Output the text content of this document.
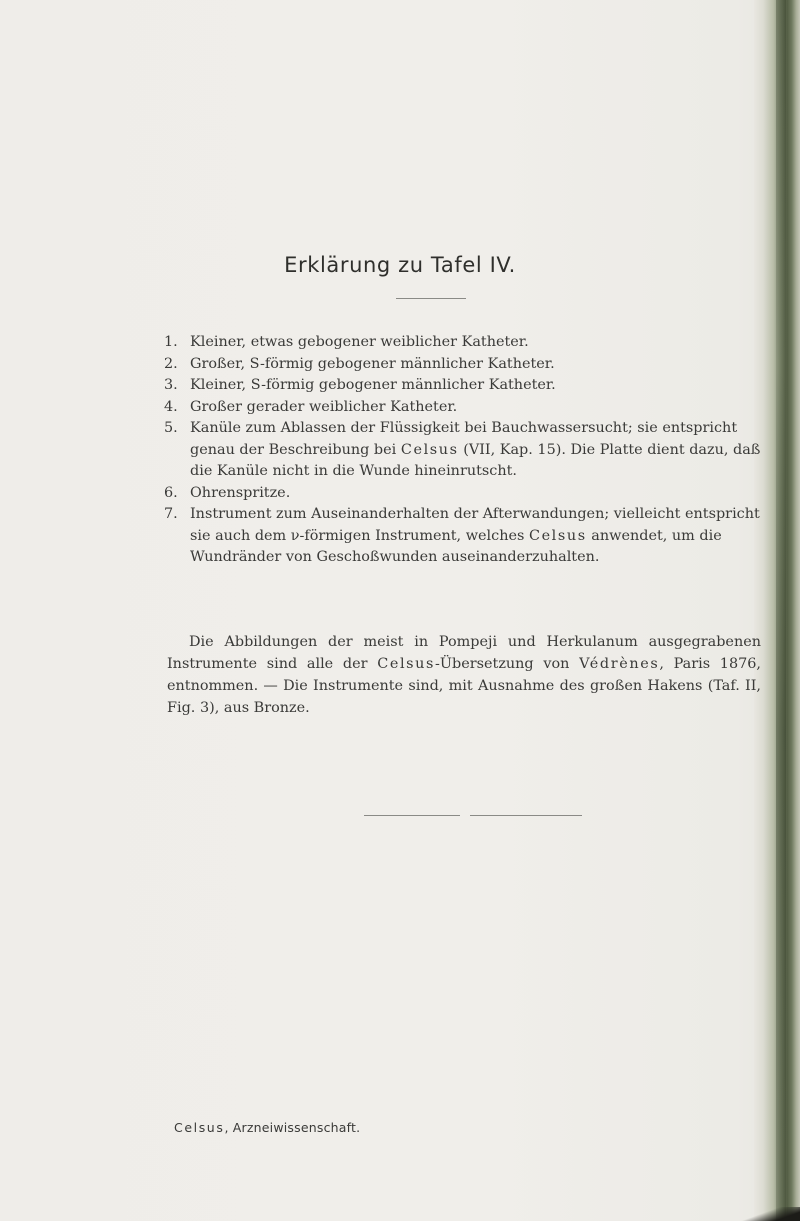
Erklärung zu Tafel IV.
1. Kleiner, etwas gebogener weiblicher Katheter.
2. Großer, S-förmig gebogener männlicher Katheter.
3. Kleiner, S-förmig gebogener männlicher Katheter.
4. Großer gerader weiblicher Katheter.
5. Kanüle zum Ablassen der Flüssigkeit bei Bauchwassersucht; sie entspricht genau der Beschreibung bei Celsus (VII, Kap. 15). Die Platte dient dazu, daß die Kanüle nicht in die Wunde hineinrutscht.
6. Ohrenspritze.
7. Instrument zum Auseinanderhalten der Afterwandungen; vielleicht entspricht sie auch dem ν-förmigen Instrument, welches Celsus anwendet, um die Wundränder von Geschoßwunden auseinanderzuhalten.

Die Abbildungen der meist in Pompeji und Herkulanum ausgegrabenen Instrumente sind alle der Celsus-Übersetzung von Védrènes, Paris 1876, entnommen. — Die Instrumente sind, mit Ausnahme des großen Hakens (Taf. II, Fig. 3), aus Bronze.

Celsus, Arzneiwissenschaft.
